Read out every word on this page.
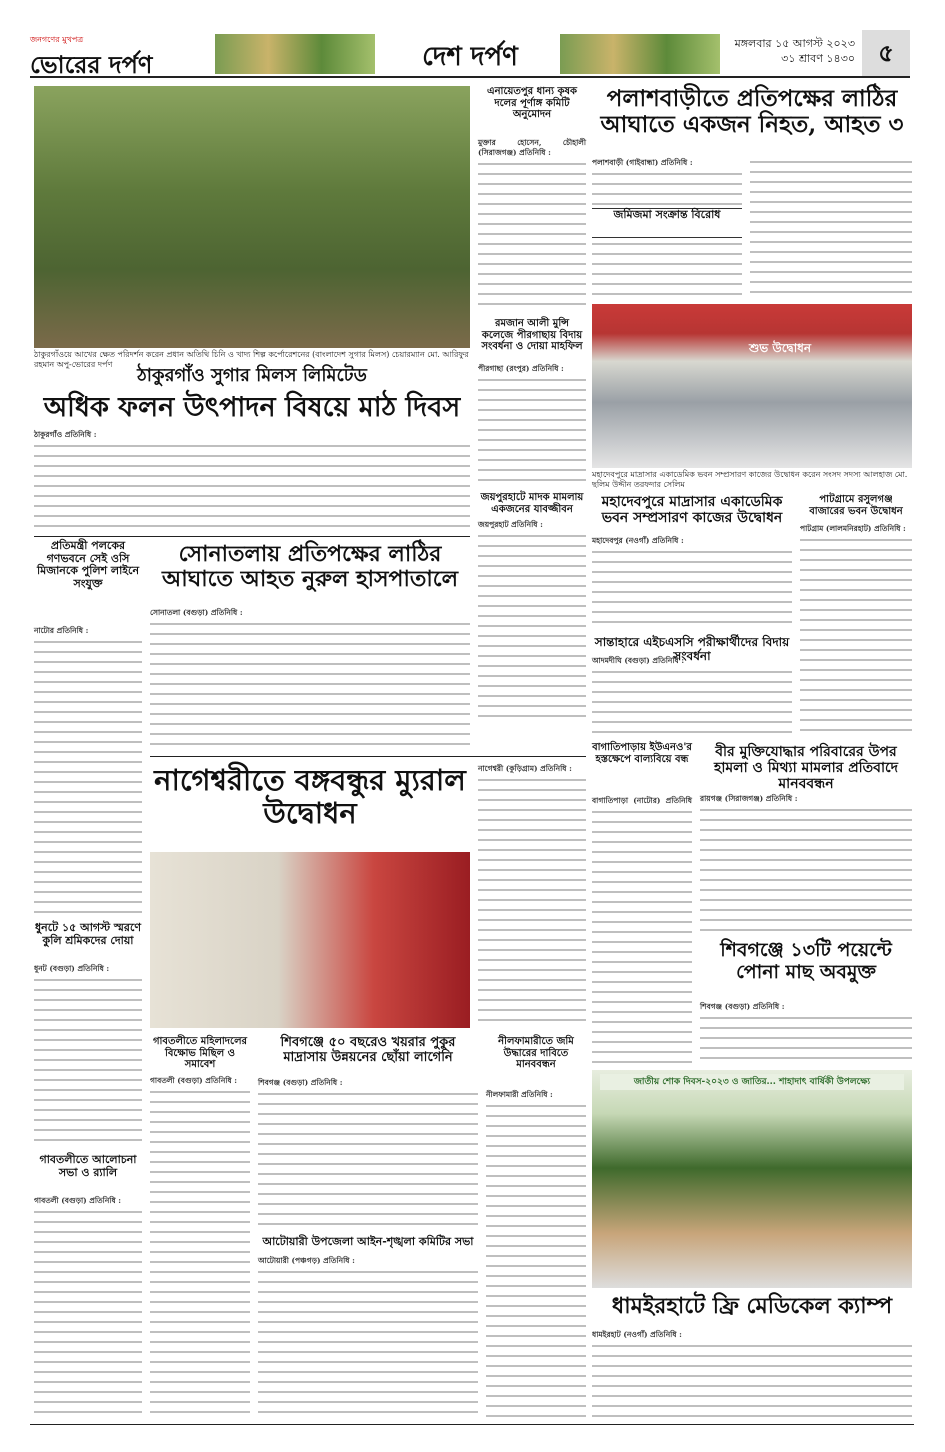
জনগণের মুখপত্র
ভোরের দর্পণ	দেশ দর্পণ	মঙ্গলবার ১৫ আগস্ট ২০২৩
৩১ শ্রাবণ ১৪৩০ ৫
ঠাকুরগাঁওয়ে আখের ক্ষেত পরিদর্শন করেন প্রধান অতিথি চিনি ও খাদ্য শিল্প কর্পোরেশনের (বাংলাদেশ সুগার মিলস) চেয়ারম্যান মো. আরিফুর রহমান অপু-ভোরের দর্পণ
ঠাকুরগাঁও সুগার মিলস লিমিটেড
অধিক ফলন উৎপাদন বিষয়ে মাঠ দিবস
ঠাকুরগাঁও প্রতিনিধি :
এনায়েতপুর ধান্য কৃষক দলের পূর্ণাঙ্গ কমিটি অনুমোদন
মুক্তার হোসেন, চৌহালী (সিরাজগঞ্জ) প্রতিনিধি :
রমজান আলী মুন্সি কলেজে পীরগাছায় বিদায় সংবর্ধনা ও দোয়া মাহফিল
পীরগাছা (রংপুর) প্রতিনিধি :
জয়পুরহাটে মাদক মামলায় একজনের যাবজ্জীবন
জয়পুরহাট প্রতিনিধি :
পলাশবাড়ীতে প্রতিপক্ষের লাঠির আঘাতে একজন নিহত, আহত ৩
পলাশবাড়ী (গাইবান্ধা) প্রতিনিধি :
জমিজমা সংক্রান্ত বিরোধ
শুভ উদ্বোধন
মহাদেবপুরে মাদ্রাসার একাডেমিক ভবন সম্প্রসারণ কাজের উদ্বোধন করেন সংসদ সদস্য আলহাজ মো. ছলিম উদ্দীন তরফদার সেলিম
মহাদেবপুরে মাদ্রাসার একাডেমিক ভবন সম্প্রসারণ কাজের উদ্বোধন
মহাদেবপুর (নওগাঁ) প্রতিনিধি :
পাটগ্রামে রসুলগঞ্জ বাজারের ভবন উদ্বোধন
পাটগ্রাম (লালমনিরহাট) প্রতিনিধি :
সান্তাহারে এইচএসসি পরীক্ষার্থীদের বিদায় সংবর্ধনা
আদমদীঘি (বগুড়া) প্রতিনিধি :
প্রতিমন্ত্রী পলকের গণভবনে সেই ওসি মিজানকে পুলিশ লাইনে সংযুক্ত
নাটোর প্রতিনিধি :
ধুনটে ১৫ আগস্ট স্মরণে কুলি শ্রমিকদের দোয়া
ধুনট (বগুড়া) প্রতিনিধি :
গাবতলীতে আলোচনা সভা ও র‍্যালি
গাবতলী (বগুড়া) প্রতিনিধি :
সোনাতলায় প্রতিপক্ষের লাঠির আঘাতে আহত নুরুল হাসপাতালে
সোনাতলা (বগুড়া) প্রতিনিধি :
নাগেশ্বরীতে বঙ্গবন্ধুর ম্যুরাল উদ্বোধন
নাগেশ্বরী (কুড়িগ্রাম) প্রতিনিধি :
বাগাতিপাড়ায় ইউএনও'র হস্তক্ষেপে বাল্যবিয়ে বন্ধ
বাগাতিপাড়া (নাটোর) প্রতিনিধি
বীর মুক্তিযোদ্ধার পরিবারের উপর হামলা ও মিথ্যা মামলার প্রতিবাদে মানববন্ধন
রায়গঞ্জ (সিরাজগঞ্জ) প্রতিনিধি :
শিবগঞ্জে ১৩টি পয়েন্টে পোনা মাছ অবমুক্ত
শিবগঞ্জ (বগুড়া) প্রতিনিধি :
গাবতলীতে মহিলাদলের বিক্ষোভ মিছিল ও সমাবেশ
গাবতলী (বগুড়া) প্রতিনিধি :
শিবগঞ্জে ৫০ বছরেও খয়রার পুকুর মাদ্রাসায় উন্নয়নের ছোঁয়া লাগেনি
শিবগঞ্জ (বগুড়া) প্রতিনিধি :
আটোয়ারী উপজেলা আইন-শৃঙ্খলা কমিটির সভা
আটোয়ারী (পঞ্চগড়) প্রতিনিধি :
নীলফামারীতে জমি উদ্ধারের দাবিতে মানববন্ধন
নীলফামারী প্রতিনিধি :
জাতীয় শোক দিবস-২০২৩ ও জাতির... শাহাদাৎ বার্ষিকী উপলক্ষ্যে
ধামইরহাটে ফ্রি মেডিকেল ক্যাম্প
ধামইরহাট (নওগাঁ) প্রতিনিধি :
